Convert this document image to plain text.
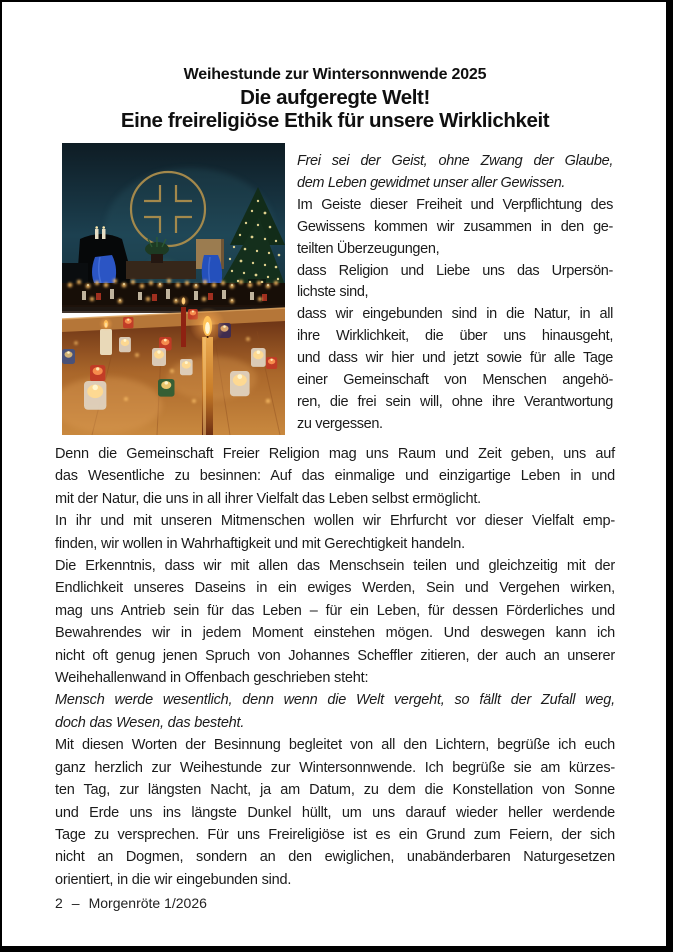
Weihestunde zur Wintersonnwende 2025
Die aufgeregte Welt!
Eine freireligiöse Ethik für unsere Wirklichkeit
Frei sei der Geist, ohne Zwang der Glaube,
dem Leben gewidmet unser aller Gewissen.
Im Geiste dieser Freiheit und Verpflichtung des
Gewissens kommen wir zusammen in den ge-
teilten Überzeugungen,
dass Religion und Liebe uns das Urpersön-
lichste sind,
dass wir eingebunden sind in die Natur, in all
ihre Wirklichkeit, die über uns hinausgeht,
und dass wir hier und jetzt sowie für alle Tage
einer Gemeinschaft von Menschen angehö-
ren, die frei sein will, ohne ihre Verantwortung
zu vergessen.
Denn die Gemeinschaft Freier Religion mag uns Raum und Zeit geben, uns auf
das Wesentliche zu besinnen: Auf das einmalige und einzigartige Leben in und
mit der Natur, die uns in all ihrer Vielfalt das Leben selbst ermöglicht.
In ihr und mit unseren Mitmenschen wollen wir Ehrfurcht vor dieser Vielfalt emp-
finden, wir wollen in Wahrhaftigkeit und mit Gerechtigkeit handeln.
Die Erkenntnis, dass wir mit allen das Menschsein teilen und gleichzeitig mit der
Endlichkeit unseres Daseins in ein ewiges Werden, Sein und Vergehen wirken,
mag uns Antrieb sein für das Leben – für ein Leben, für dessen Förderliches und
Bewahrendes wir in jedem Moment einstehen mögen. Und deswegen kann ich
nicht oft genug jenen Spruch von Johannes Scheffler zitieren, der auch an unserer
Weihehallenwand in Offenbach geschrieben steht:
Mensch werde wesentlich, denn wenn die Welt vergeht, so fällt der Zufall weg,
doch das Wesen, das besteht.
Mit diesen Worten der Besinnung begleitet von all den Lichtern, begrüße ich euch
ganz herzlich zur Weihestunde zur Wintersonnwende. Ich begrüße sie am kürzes-
ten Tag, zur längsten Nacht, ja am Datum, zu dem die Konstellation von Sonne
und Erde uns ins längste Dunkel hüllt, um uns darauf wieder heller werdende
Tage zu versprechen. Für uns Freireligiöse ist es ein Grund zum Feiern, der sich
nicht an Dogmen, sondern an den ewiglichen, unabänderbaren Naturgesetzen
orientiert, in die wir eingebunden sind.
2 – Morgenröte 1/2026
